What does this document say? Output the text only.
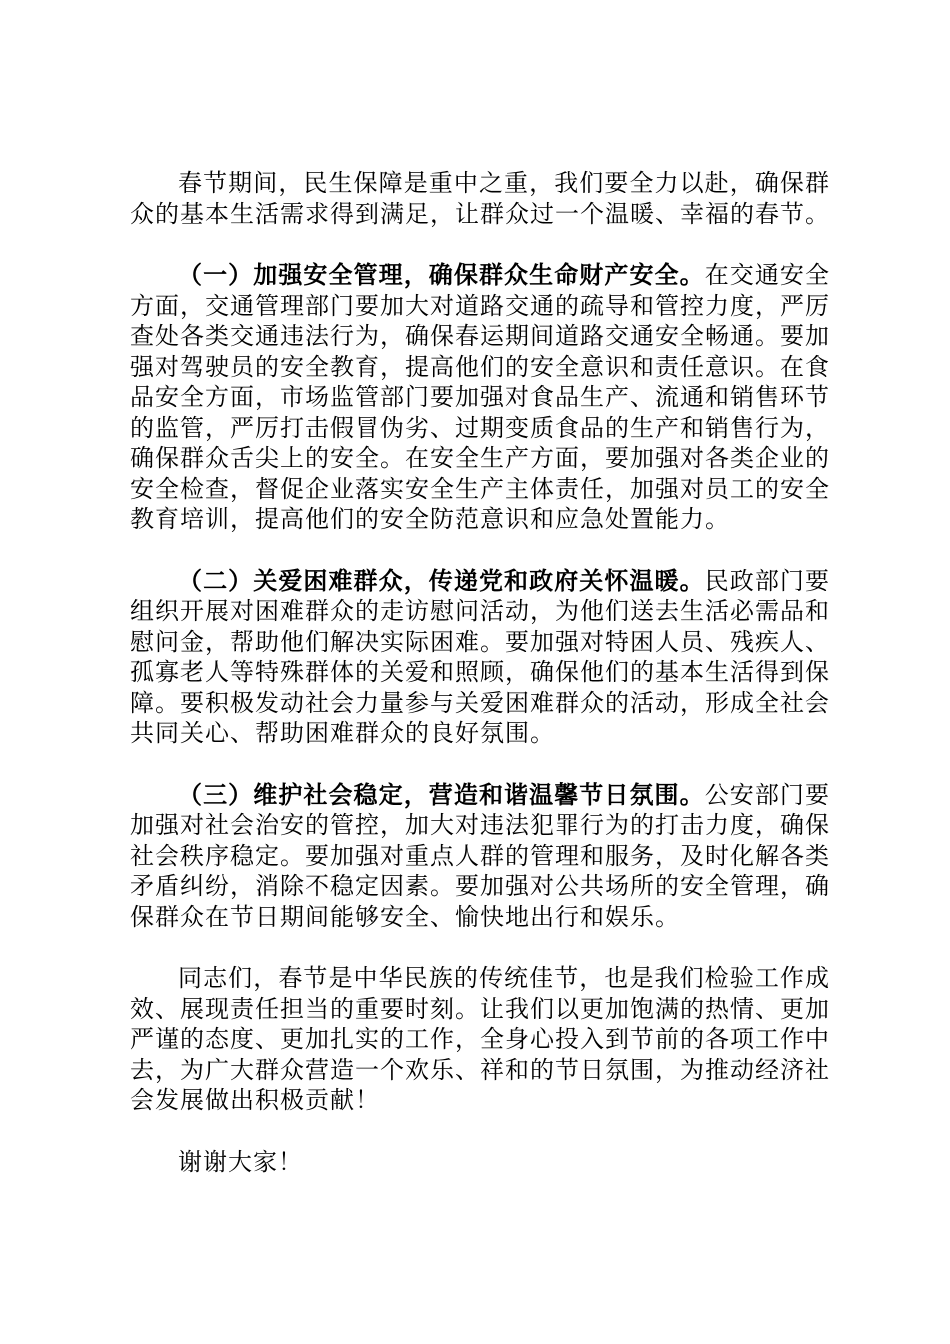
春节期间，民生保障是重中之重，我们要全力以赴，确保群众的基本生活需求得到满足，让群众过一个温暖、幸福的春节。

（一）加强安全管理，确保群众生命财产安全。在交通安全方面，交通管理部门要加大对道路交通的疏导和管控力度，严厉查处各类交通违法行为，确保春运期间道路交通安全畅通。要加强对驾驶员的安全教育，提高他们的安全意识和责任意识。在食品安全方面，市场监管部门要加强对食品生产、流通和销售环节的监管，严厉打击假冒伪劣、过期变质食品的生产和销售行为，确保群众舌尖上的安全。在安全生产方面，要加强对各类企业的安全检查，督促企业落实安全生产主体责任，加强对员工的安全教育培训，提高他们的安全防范意识和应急处置能力。

（二）关爱困难群众，传递党和政府关怀温暖。民政部门要组织开展对困难群众的走访慰问活动，为他们送去生活必需品和慰问金，帮助他们解决实际困难。要加强对特困人员、残疾人、孤寡老人等特殊群体的关爱和照顾，确保他们的基本生活得到保障。要积极发动社会力量参与关爱困难群众的活动，形成全社会共同关心、帮助困难群众的良好氛围。

（三）维护社会稳定，营造和谐温馨节日氛围。公安部门要加强对社会治安的管控，加大对违法犯罪行为的打击力度，确保社会秩序稳定。要加强对重点人群的管理和服务，及时化解各类矛盾纠纷，消除不稳定因素。要加强对公共场所的安全管理，确保群众在节日期间能够安全、愉快地出行和娱乐。

同志们，春节是中华民族的传统佳节，也是我们检验工作成效、展现责任担当的重要时刻。让我们以更加饱满的热情、更加严谨的态度、更加扎实的工作，全身心投入到节前的各项工作中去，为广大群众营造一个欢乐、祥和的节日氛围，为推动经济社会发展做出积极贡献！

谢谢大家！
